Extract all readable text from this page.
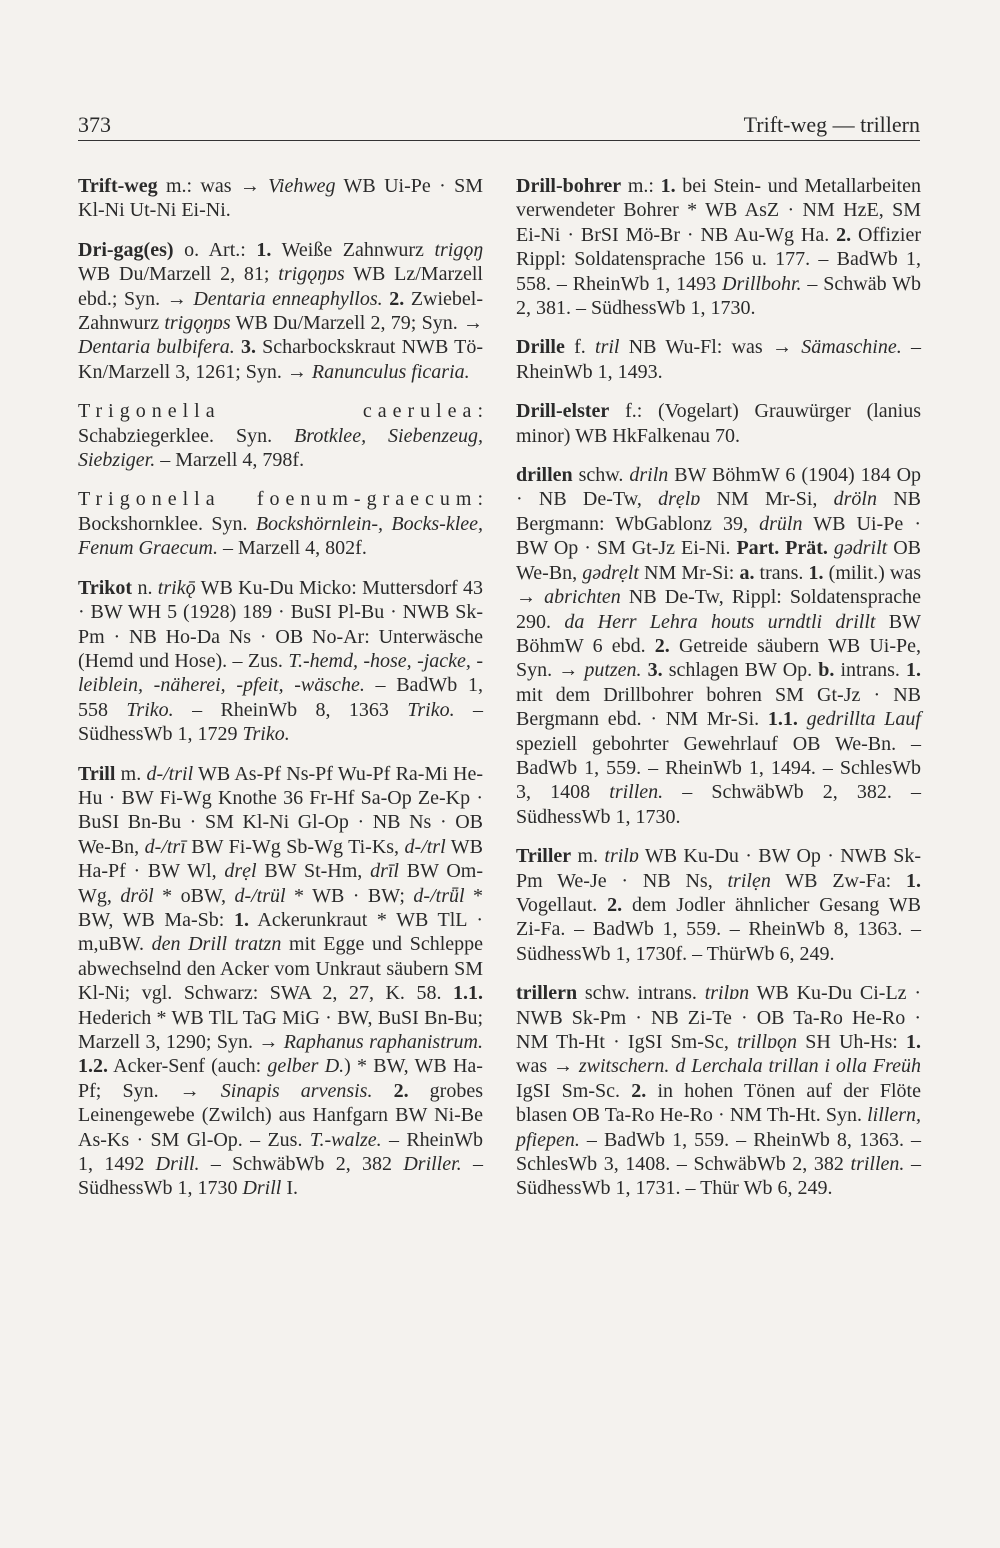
373	Trift-weg — trillern

Trift-weg m.: was → Viehweg WB Ui-Pe · SM Kl-Ni Ut-Ni Ei-Ni.

Dri-gag(es) o. Art.: 1. Weiße Zahnwurz trigǫŋ WB Du/Marzell 2, 81; trigǫŋɒs WB Lz/Marzell ebd.; Syn. → Dentaria enneaphyllos. 2. Zwiebel-Zahnwurz trigǫŋɒs WB Du/Marzell 2, 79; Syn. → Dentaria bulbifera. 3. Scharbockskraut NWB Tö-Kn/Marzell 3, 1261; Syn. → Ranunculus ficaria.

Trigonella caerulea: Schabziegerklee. Syn. Brotklee, Siebenzeug, Siebziger. – Marzell 4, 798f.

Trigonella foenum-graecum: Bockshornklee. Syn. Bockshörnlein-, Bocks-klee, Fenum Graecum. – Marzell 4, 802f.

Trikot n. trikǭ WB Ku-Du Micko: Muttersdorf 43 · BW WH 5 (1928) 189 · BuSI Pl-Bu · NWB Sk-Pm · NB Ho-Da Ns · OB No-Ar: Unterwäsche (Hemd und Hose). – Zus. T.-hemd, -hose, -jacke, -leiblein, -näherei, -pfeit, -wäsche. – BadWb 1, 558 Triko. – RheinWb 8, 1363 Triko. – SüdhessWb 1, 1729 Triko.

Trill m. d-/tril WB As-Pf Ns-Pf Wu-Pf Ra-Mi He-Hu · BW Fi-Wg Knothe 36 Fr-Hf Sa-Op Ze-Kp · BuSI Bn-Bu · SM Kl-Ni Gl-Op · NB Ns · OB We-Bn, d-/trī BW Fi-Wg Sb-Wg Ti-Ks, d-/trl WB Ha-Pf · BW Wl, drẹl BW St-Hm, drīl BW Om-Wg, dröl * oBW, d-/trül * WB · BW; d-/trǖl * BW, WB Ma-Sb: 1. Ackerunkraut * WB TlL · m,uBW. den Drill tratzn mit Egge und Schleppe abwechselnd den Acker vom Unkraut säubern SM Kl-Ni; vgl. Schwarz: SWA 2, 27, K. 58. 1.1. Hederich * WB TlL TaG MiG · BW, BuSI Bn-Bu; Marzell 3, 1290; Syn. → Raphanus raphanistrum. 1.2. Acker-Senf (auch: gelber D.) * BW, WB Ha-Pf; Syn. → Sinapis arvensis. 2. grobes Leinengewebe (Zwilch) aus Hanfgarn BW Ni-Be As-Ks · SM Gl-Op. – Zus. T.-walze. – RheinWb 1, 1492 Drill. – SchwäbWb 2, 382 Driller. – SüdhessWb 1, 1730 Drill I.

Drill-bohrer m.: 1. bei Stein- und Metallarbeiten verwendeter Bohrer * WB AsZ · NM HzE, SM Ei-Ni · BrSI Mö-Br · NB Au-Wg Ha. 2. Offizier Rippl: Soldatensprache 156 u. 177. – BadWb 1, 558. – RheinWb 1, 1493 Drillbohr. – Schwäb Wb 2, 381. – SüdhessWb 1, 1730.

Drille f. tril NB Wu-Fl: was → Sämaschine. – RheinWb 1, 1493.

Drill-elster f.: (Vogelart) Grauwürger (lanius minor) WB HkFalkenau 70.

drillen schw. driln BW BöhmW 6 (1904) 184 Op · NB De-Tw, drẹlɒ NM Mr-Si, dröln NB Bergmann: WbGablonz 39, drüln WB Ui-Pe · BW Op · SM Gt-Jz Ei-Ni. Part. Prät. gədrilt OB We-Bn, gədrẹlt NM Mr-Si: a. trans. 1. (milit.) was → abrichten NB De-Tw, Rippl: Soldatensprache 290. da Herr Lehra houts urndtli drillt BW BöhmW 6 ebd. 2. Getreide säubern WB Ui-Pe, Syn. → putzen. 3. schlagen BW Op. b. intrans. 1. mit dem Drillbohrer bohren SM Gt-Jz · NB Bergmann ebd. · NM Mr-Si. 1.1. gedrillta Lauf speziell gebohrter Gewehrlauf OB We-Bn. – BadWb 1, 559. – RheinWb 1, 1494. – SchlesWb 3, 1408 trillen. – SchwäbWb 2, 382. – SüdhessWb 1, 1730.

Triller m. trilɒ WB Ku-Du · BW Op · NWB Sk-Pm We-Je · NB Ns, trilẹn WB Zw-Fa: 1. Vogellaut. 2. dem Jodler ähnlicher Gesang WB Zi-Fa. – BadWb 1, 559. – RheinWb 8, 1363. – SüdhessWb 1, 1730f. – ThürWb 6, 249.

trillern schw. intrans. trilɒn WB Ku-Du Ci-Lz · NWB Sk-Pm · NB Zi-Te · OB Ta-Ro He-Ro · NM Th-Ht · IgSI Sm-Sc, trillɒǫn SH Uh-Hs: 1. was → zwitschern. d Lerchala trillan i olla Freüh IgSI Sm-Sc. 2. in hohen Tönen auf der Flöte blasen OB Ta-Ro He-Ro · NM Th-Ht. Syn. lillern, pfiepen. – BadWb 1, 559. – RheinWb 8, 1363. – SchlesWb 3, 1408. – SchwäbWb 2, 382 trillen. – SüdhessWb 1, 1731. – Thür Wb 6, 249.
